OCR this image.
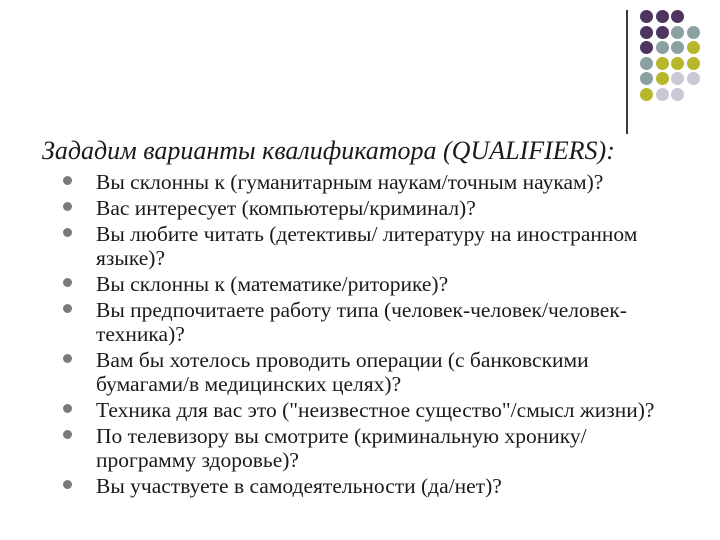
Зададим варианты квалификатора (QUALIFIERS):
Вы склонны к (гуманитарным наукам/точным наукам)?
Вас интересует (компьютеры/криминал)?
Вы любите читать (детективы/ литературу на иностранном языке)?
Вы склонны к (математике/риторике)?
Вы предпочитаете работу типа (человек-человек/человек-техника)?
Вам бы хотелось проводить операции (с банковскими бумагами/в медицинских целях)?
Техника для вас это ("неизвестное существо"/смысл жизни)?
По телевизору вы смотрите (криминальную хронику/программу здоровье)?
Вы участвуете в самодеятельности (да/нет)?
